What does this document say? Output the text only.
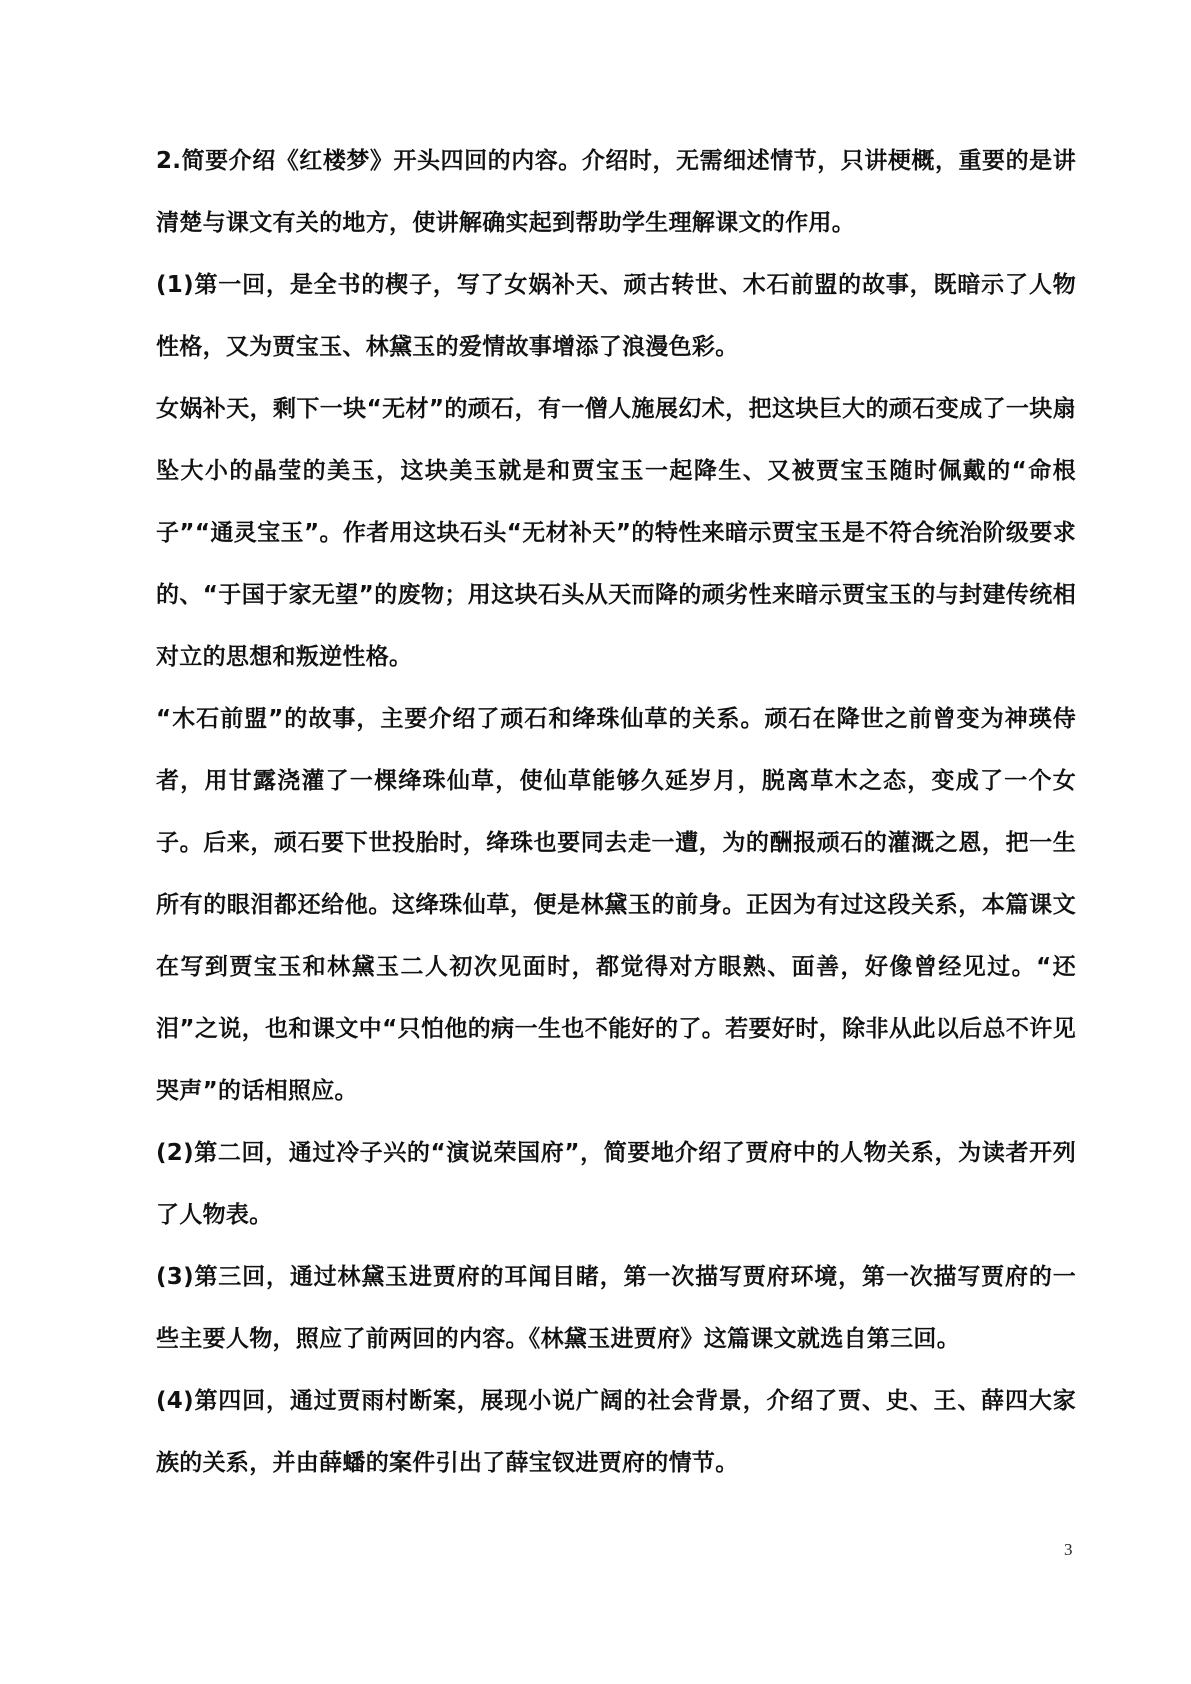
2.简要介绍《红楼梦》开头四回的内容。介绍时，无需细述情节，只讲梗概，重要的是讲清楚与课文有关的地方，使讲解确实起到帮助学生理解课文的作用。

(1)第一回，是全书的楔子，写了女娲补天、顽古转世、木石前盟的故事，既暗示了人物性格，又为贾宝玉、林黛玉的爱情故事增添了浪漫色彩。

女娲补天，剩下一块“无材”的顽石，有一僧人施展幻术，把这块巨大的顽石变成了一块扇坠大小的晶莹的美玉，这块美玉就是和贾宝玉一起降生、又被贾宝玉随时佩戴的“命根子”“通灵宝玉”。作者用这块石头“无材补天”的特性来暗示贾宝玉是不符合统治阶级要求的、“于国于家无望”的废物；用这块石头从天而降的顽劣性来暗示贾宝玉的与封建传统相对立的思想和叛逆性格。

“木石前盟”的故事，主要介绍了顽石和绛珠仙草的关系。顽石在降世之前曾变为神瑛侍者，用甘露浇灌了一棵绛珠仙草，使仙草能够久延岁月，脱离草木之态，变成了一个女子。后来，顽石要下世投胎时，绛珠也要同去走一遭，为的酬报顽石的灌溉之恩，把一生所有的眼泪都还给他。这绛珠仙草，便是林黛玉的前身。正因为有过这段关系，本篇课文在写到贾宝玉和林黛玉二人初次见面时，都觉得对方眼熟、面善，好像曾经见过。“还泪”之说，也和课文中“只怕他的病一生也不能好的了。若要好时，除非从此以后总不许见哭声”的话相照应。

(2)第二回，通过冷子兴的“演说荣国府”，简要地介绍了贾府中的人物关系，为读者开列了人物表。

(3)第三回，通过林黛玉进贾府的耳闻目睹，第一次描写贾府环境，第一次描写贾府的一些主要人物，照应了前两回的内容。《林黛玉进贾府》这篇课文就选自第三回。

(4)第四回，通过贾雨村断案，展现小说广阔的社会背景，介绍了贾、史、王、薛四大家族的关系，并由薛蟠的案件引出了薛宝钗进贾府的情节。

3
